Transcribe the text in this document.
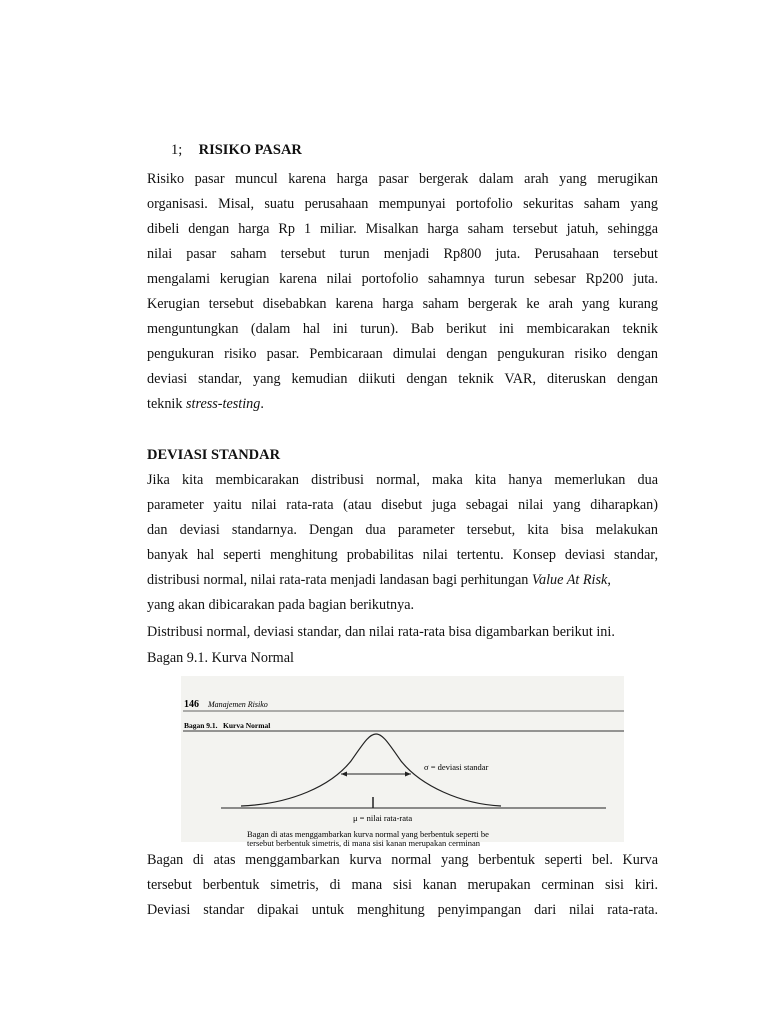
1; RISIKO PASAR
Risiko pasar muncul karena harga pasar bergerak dalam arah yang merugikan
organisasi. Misal, suatu perusahaan mempunyai portofolio sekuritas saham yang
dibeli dengan harga Rp 1 miliar. Misalkan harga saham tersebut jatuh, sehingga
nilai pasar saham tersebut turun menjadi Rp800 juta. Perusahaan tersebut
mengalami kerugian karena nilai portofolio sahamnya turun sebesar Rp200 juta.
Kerugian tersebut disebabkan karena harga saham bergerak ke arah yang kurang
menguntungkan (dalam hal ini turun). Bab berikut ini membicarakan teknik
pengukuran risiko pasar. Pembicaraan dimulai dengan pengukuran risiko dengan
deviasi standar, yang kemudian diikuti dengan teknik VAR, diteruskan dengan
teknik stress-testing.
DEVIASI STANDAR
Jika kita membicarakan distribusi normal, maka kita hanya memerlukan dua
parameter yaitu nilai rata-rata (atau disebut juga sebagai nilai yang diharapkan)
dan deviasi standarnya. Dengan dua parameter tersebut, kita bisa melakukan
banyak hal seperti menghitung probabilitas nilai tertentu. Konsep deviasi standar,
distribusi normal, nilai rata-rata menjadi landasan bagi perhitungan Value At Risk,
yang akan dibicarakan pada bagian berikutnya.
Distribusi normal, deviasi standar, dan nilai rata-rata bisa digambarkan berikut ini.
Bagan 9.1. Kurva Normal
146 Manajemen Risiko
Bagan 9.1. Kurva Normal
σ = deviasi standar
μ = nilai rata-rata
Bagan di atas menggambarkan kurva normal yang berbentuk seperti be
tersebut berbentuk simetris, di mana sisi kanan merupakan cerminan
Bagan di atas menggambarkan kurva normal yang berbentuk seperti bel. Kurva
tersebut berbentuk simetris, di mana sisi kanan merupakan cerminan sisi kiri.
Deviasi standar dipakai untuk menghitung penyimpangan dari nilai rata-rata.
